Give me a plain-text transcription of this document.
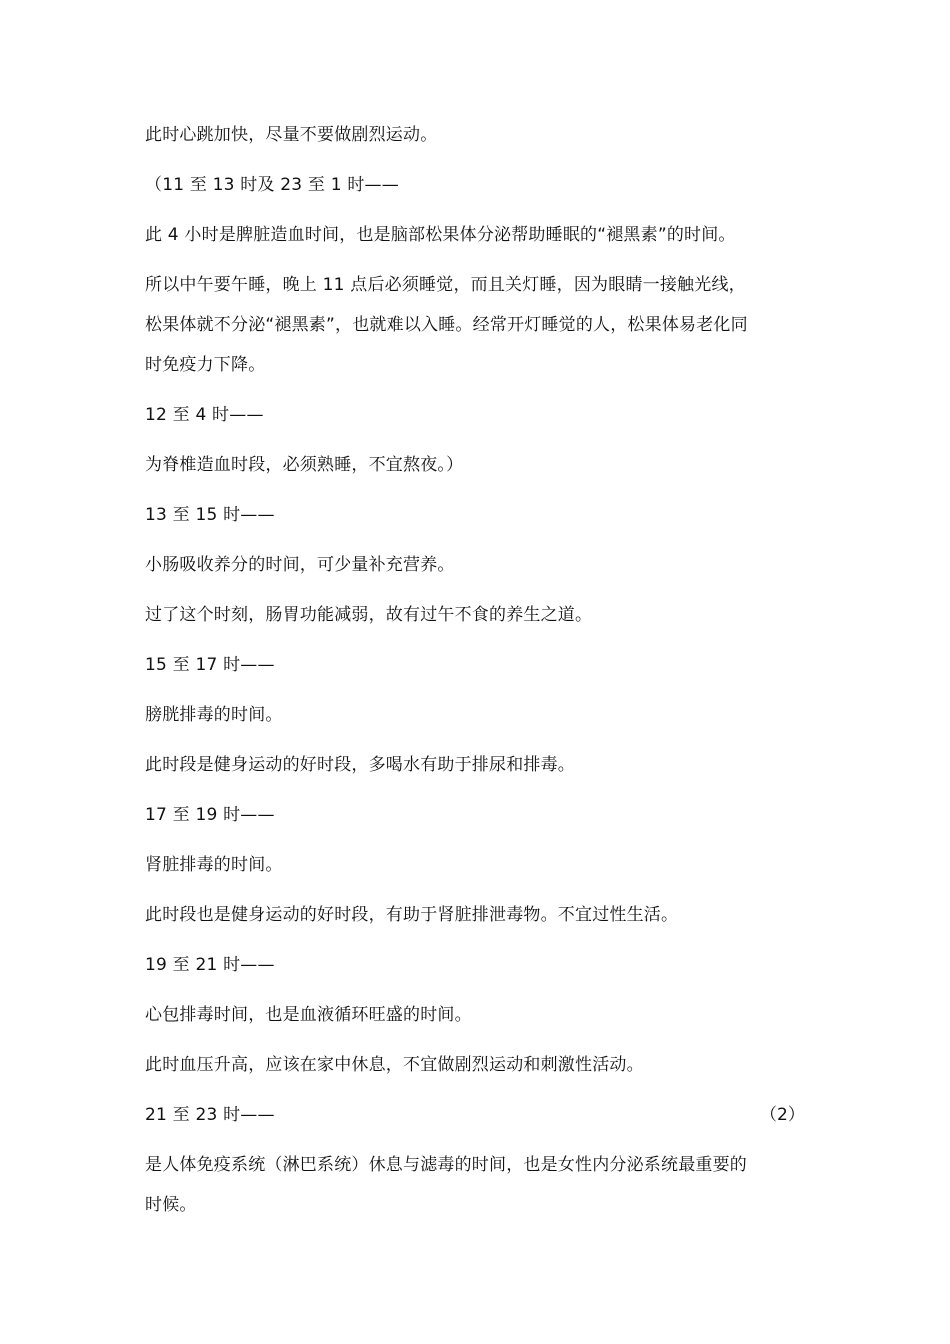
此时心跳加快，尽量不要做剧烈运动。
（11 至 13 时及 23 至 1 时——
此 4 小时是脾脏造血时间，也是脑部松果体分泌帮助睡眠的“褪黑素”的时间。
所以中午要午睡，晚上 11 点后必须睡觉，而且关灯睡，因为眼睛一接触光线，
松果体就不分泌“褪黑素”，也就难以入睡。经常开灯睡觉的人，松果体易老化同
时免疫力下降。
12 至 4 时——
为脊椎造血时段，必须熟睡，不宜熬夜。）
13 至 15 时——
小肠吸收养分的时间，可少量补充营养。
过了这个时刻，肠胃功能减弱，故有过午不食的养生之道。
15 至 17 时——
膀胱排毒的时间。
此时段是健身运动的好时段，多喝水有助于排尿和排毒。
17 至 19 时——
肾脏排毒的时间。
此时段也是健身运动的好时段，有助于肾脏排泄毒物。不宜过性生活。
19 至 21 时——
心包排毒时间，也是血液循环旺盛的时间。
此时血压升高，应该在家中休息，不宜做剧烈运动和刺激性活动。
21 至 23 时——	（2）
是人体免疫系统（淋巴系统）休息与滤毒的时间，也是女性内分泌系统最重要的
时候。
